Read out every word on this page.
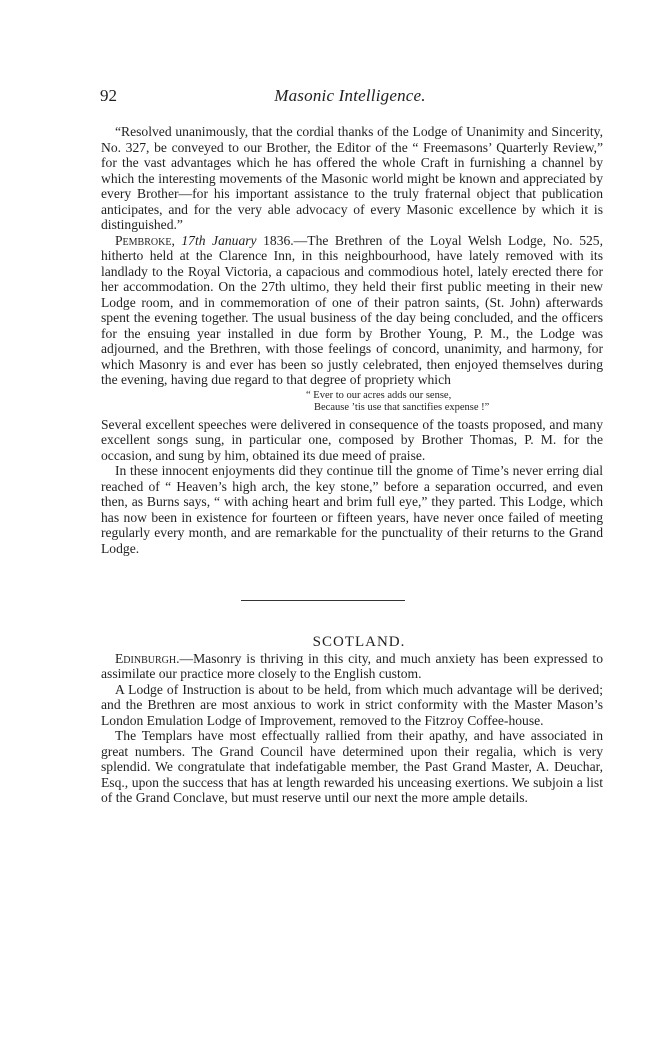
92	Masonic Intelligence.

“Resolved unanimously, that the cordial thanks of the Lodge of Unanimity and Sincerity, No. 327, be conveyed to our Brother, the Editor of the “ Freemasons’ Quarterly Review,” for the vast advantages which he has offered the whole Craft in furnishing a channel by which the interesting movements of the Masonic world might be known and appreciated by every Brother—for his important assistance to the truly fraternal object that publication anticipates, and for the very able advocacy of every Masonic excellence by which it is distinguished.”

Pembroke, 17th January 1836.—The Brethren of the Loyal Welsh Lodge, No. 525, hitherto held at the Clarence Inn, in this neighbourhood, have lately removed with its landlady to the Royal Victoria, a capacious and commodious hotel, lately erected there for her accommodation. On the 27th ultimo, they held their first public meeting in their new Lodge room, and in commemoration of one of their patron saints, (St. John) afterwards spent the evening together. The usual business of the day being concluded, and the officers for the ensuing year installed in due form by Brother Young, P. M., the Lodge was adjourned, and the Brethren, with those feelings of concord, unanimity, and harmony, for which Masonry is and ever has been so justly celebrated, then enjoyed themselves during the evening, having due regard to that degree of propriety which

“ Ever to our acres adds our sense,
Because ’tis use that sanctifies expense !”

Several excellent speeches were delivered in consequence of the toasts proposed, and many excellent songs sung, in particular one, composed by Brother Thomas, P. M. for the occasion, and sung by him, obtained its due meed of praise.

In these innocent enjoyments did they continue till the gnome of Time’s never erring dial reached of “ Heaven’s high arch, the key stone,” before a separation occurred, and even then, as Burns says, “ with aching heart and brim full eye,” they parted. This Lodge, which has now been in existence for fourteen or fifteen years, have never once failed of meeting regularly every month, and are remarkable for the punctuality of their returns to the Grand Lodge.

SCOTLAND.

Edinburgh.—Masonry is thriving in this city, and much anxiety has been expressed to assimilate our practice more closely to the English custom.

A Lodge of Instruction is about to be held, from which much advantage will be derived; and the Brethren are most anxious to work in strict conformity with the Master Mason’s London Emulation Lodge of Improvement, removed to the Fitzroy Coffee-house.

The Templars have most effectually rallied from their apathy, and have associated in great numbers. The Grand Council have determined upon their regalia, which is very splendid. We congratulate that indefatigable member, the Past Grand Master, A. Deuchar, Esq., upon the success that has at length rewarded his unceasing exertions. We subjoin a list of the Grand Conclave, but must reserve until our next the more ample details.
